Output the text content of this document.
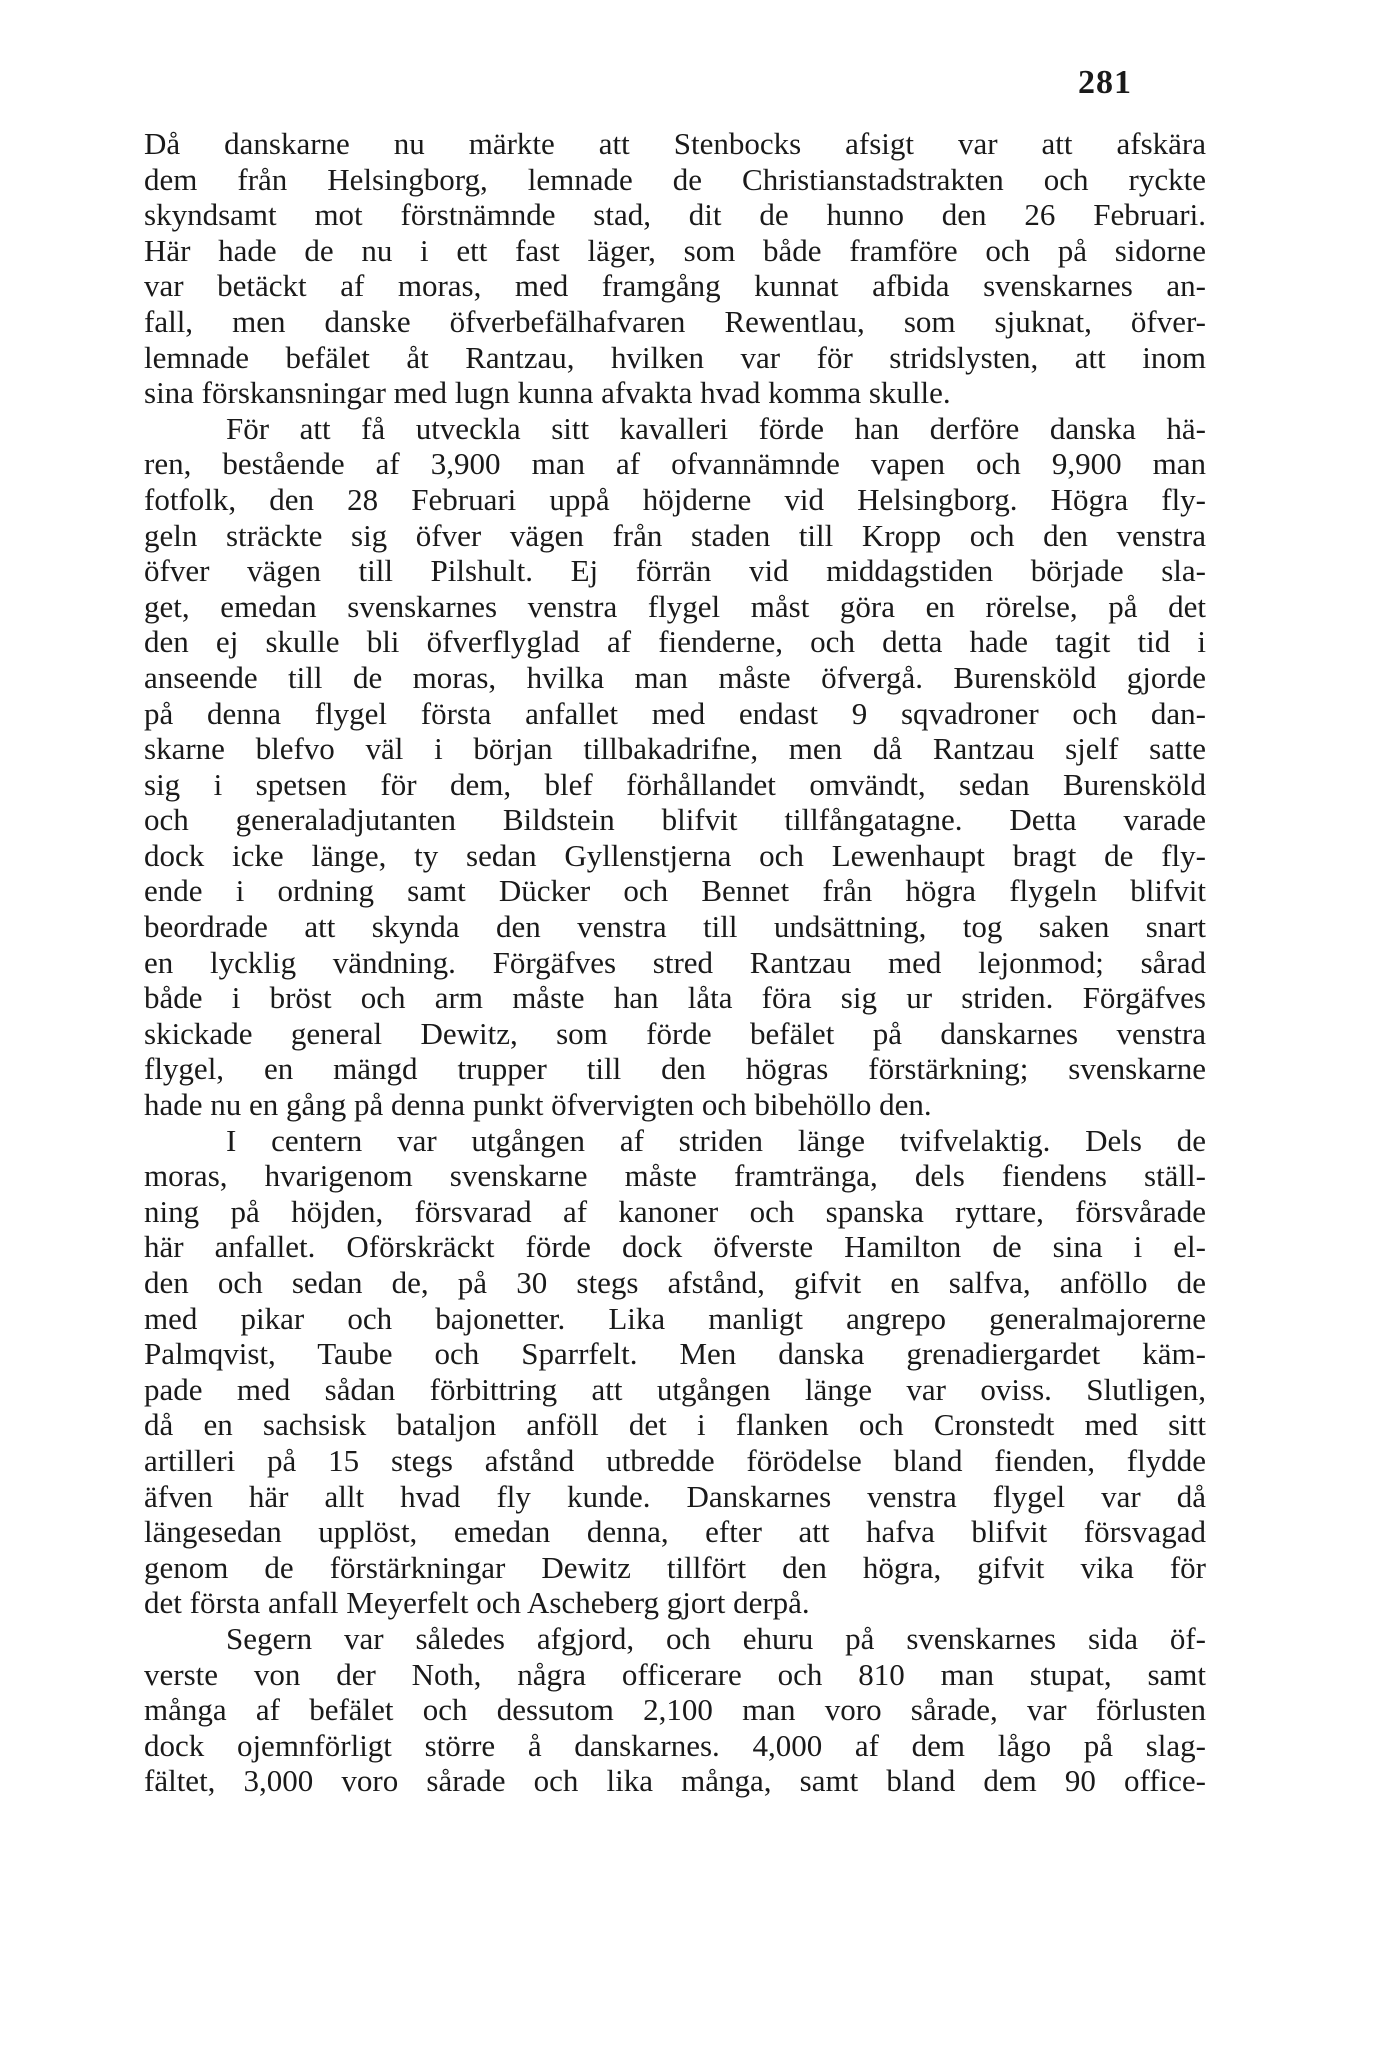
281
Då danskarne nu märkte att Stenbocks afsigt var att afskära
dem från Helsingborg, lemnade de Christianstadstrakten och ryckte
skyndsamt mot förstnämnde stad, dit de hunno den 26 Februari.
Här hade de nu i ett fast läger, som både framföre och på sidorne
var betäckt af moras, med framgång kunnat afbida svenskarnes an-
fall, men danske öfverbefälhafvaren Rewentlau, som sjuknat, öfver-
lemnade befälet åt Rantzau, hvilken var för stridslysten, att inom
sina förskansningar med lugn kunna afvakta hvad komma skulle.
För att få utveckla sitt kavalleri förde han derföre danska hä-
ren, bestående af 3,900 man af ofvannämnde vapen och 9,900 man
fotfolk, den 28 Februari uppå höjderne vid Helsingborg. Högra fly-
geln sträckte sig öfver vägen från staden till Kropp och den venstra
öfver vägen till Pilshult. Ej förrän vid middagstiden började sla-
get, emedan svenskarnes venstra flygel måst göra en rörelse, på det
den ej skulle bli öfverflyglad af fienderne, och detta hade tagit tid i
anseende till de moras, hvilka man måste öfvergå. Burensköld gjorde
på denna flygel första anfallet med endast 9 sqvadroner och dan-
skarne blefvo väl i början tillbakadrifne, men då Rantzau sjelf satte
sig i spetsen för dem, blef förhållandet omvändt, sedan Burensköld
och generaladjutanten Bildstein blifvit tillfångatagne. Detta varade
dock icke länge, ty sedan Gyllenstjerna och Lewenhaupt bragt de fly-
ende i ordning samt Dücker och Bennet från högra flygeln blifvit
beordrade att skynda den venstra till undsättning, tog saken snart
en lycklig vändning. Förgäfves stred Rantzau med lejonmod; sårad
både i bröst och arm måste han låta föra sig ur striden. Förgäfves
skickade general Dewitz, som förde befälet på danskarnes venstra
flygel, en mängd trupper till den högras förstärkning; svenskarne
hade nu en gång på denna punkt öfvervigten och bibehöllo den.
I centern var utgången af striden länge tvifvelaktig. Dels de
moras, hvarigenom svenskarne måste framtränga, dels fiendens ställ-
ning på höjden, försvarad af kanoner och spanska ryttare, försvårade
här anfallet. Oförskräckt förde dock öfverste Hamilton de sina i el-
den och sedan de, på 30 stegs afstånd, gifvit en salfva, anföllo de
med pikar och bajonetter. Lika manligt angrepo generalmajorerne
Palmqvist, Taube och Sparrfelt. Men danska grenadiergardet käm-
pade med sådan förbittring att utgången länge var oviss. Slutligen,
då en sachsisk bataljon anföll det i flanken och Cronstedt med sitt
artilleri på 15 stegs afstånd utbredde förödelse bland fienden, flydde
äfven här allt hvad fly kunde. Danskarnes venstra flygel var då
längesedan upplöst, emedan denna, efter att hafva blifvit försvagad
genom de förstärkningar Dewitz tillfört den högra, gifvit vika för
det första anfall Meyerfelt och Ascheberg gjort derpå.
Segern var således afgjord, och ehuru på svenskarnes sida öf-
verste von der Noth, några officerare och 810 man stupat, samt
många af befälet och dessutom 2,100 man voro sårade, var förlusten
dock ojemnförligt större å danskarnes. 4,000 af dem lågo på slag-
fältet, 3,000 voro sårade och lika många, samt bland dem 90 office-
